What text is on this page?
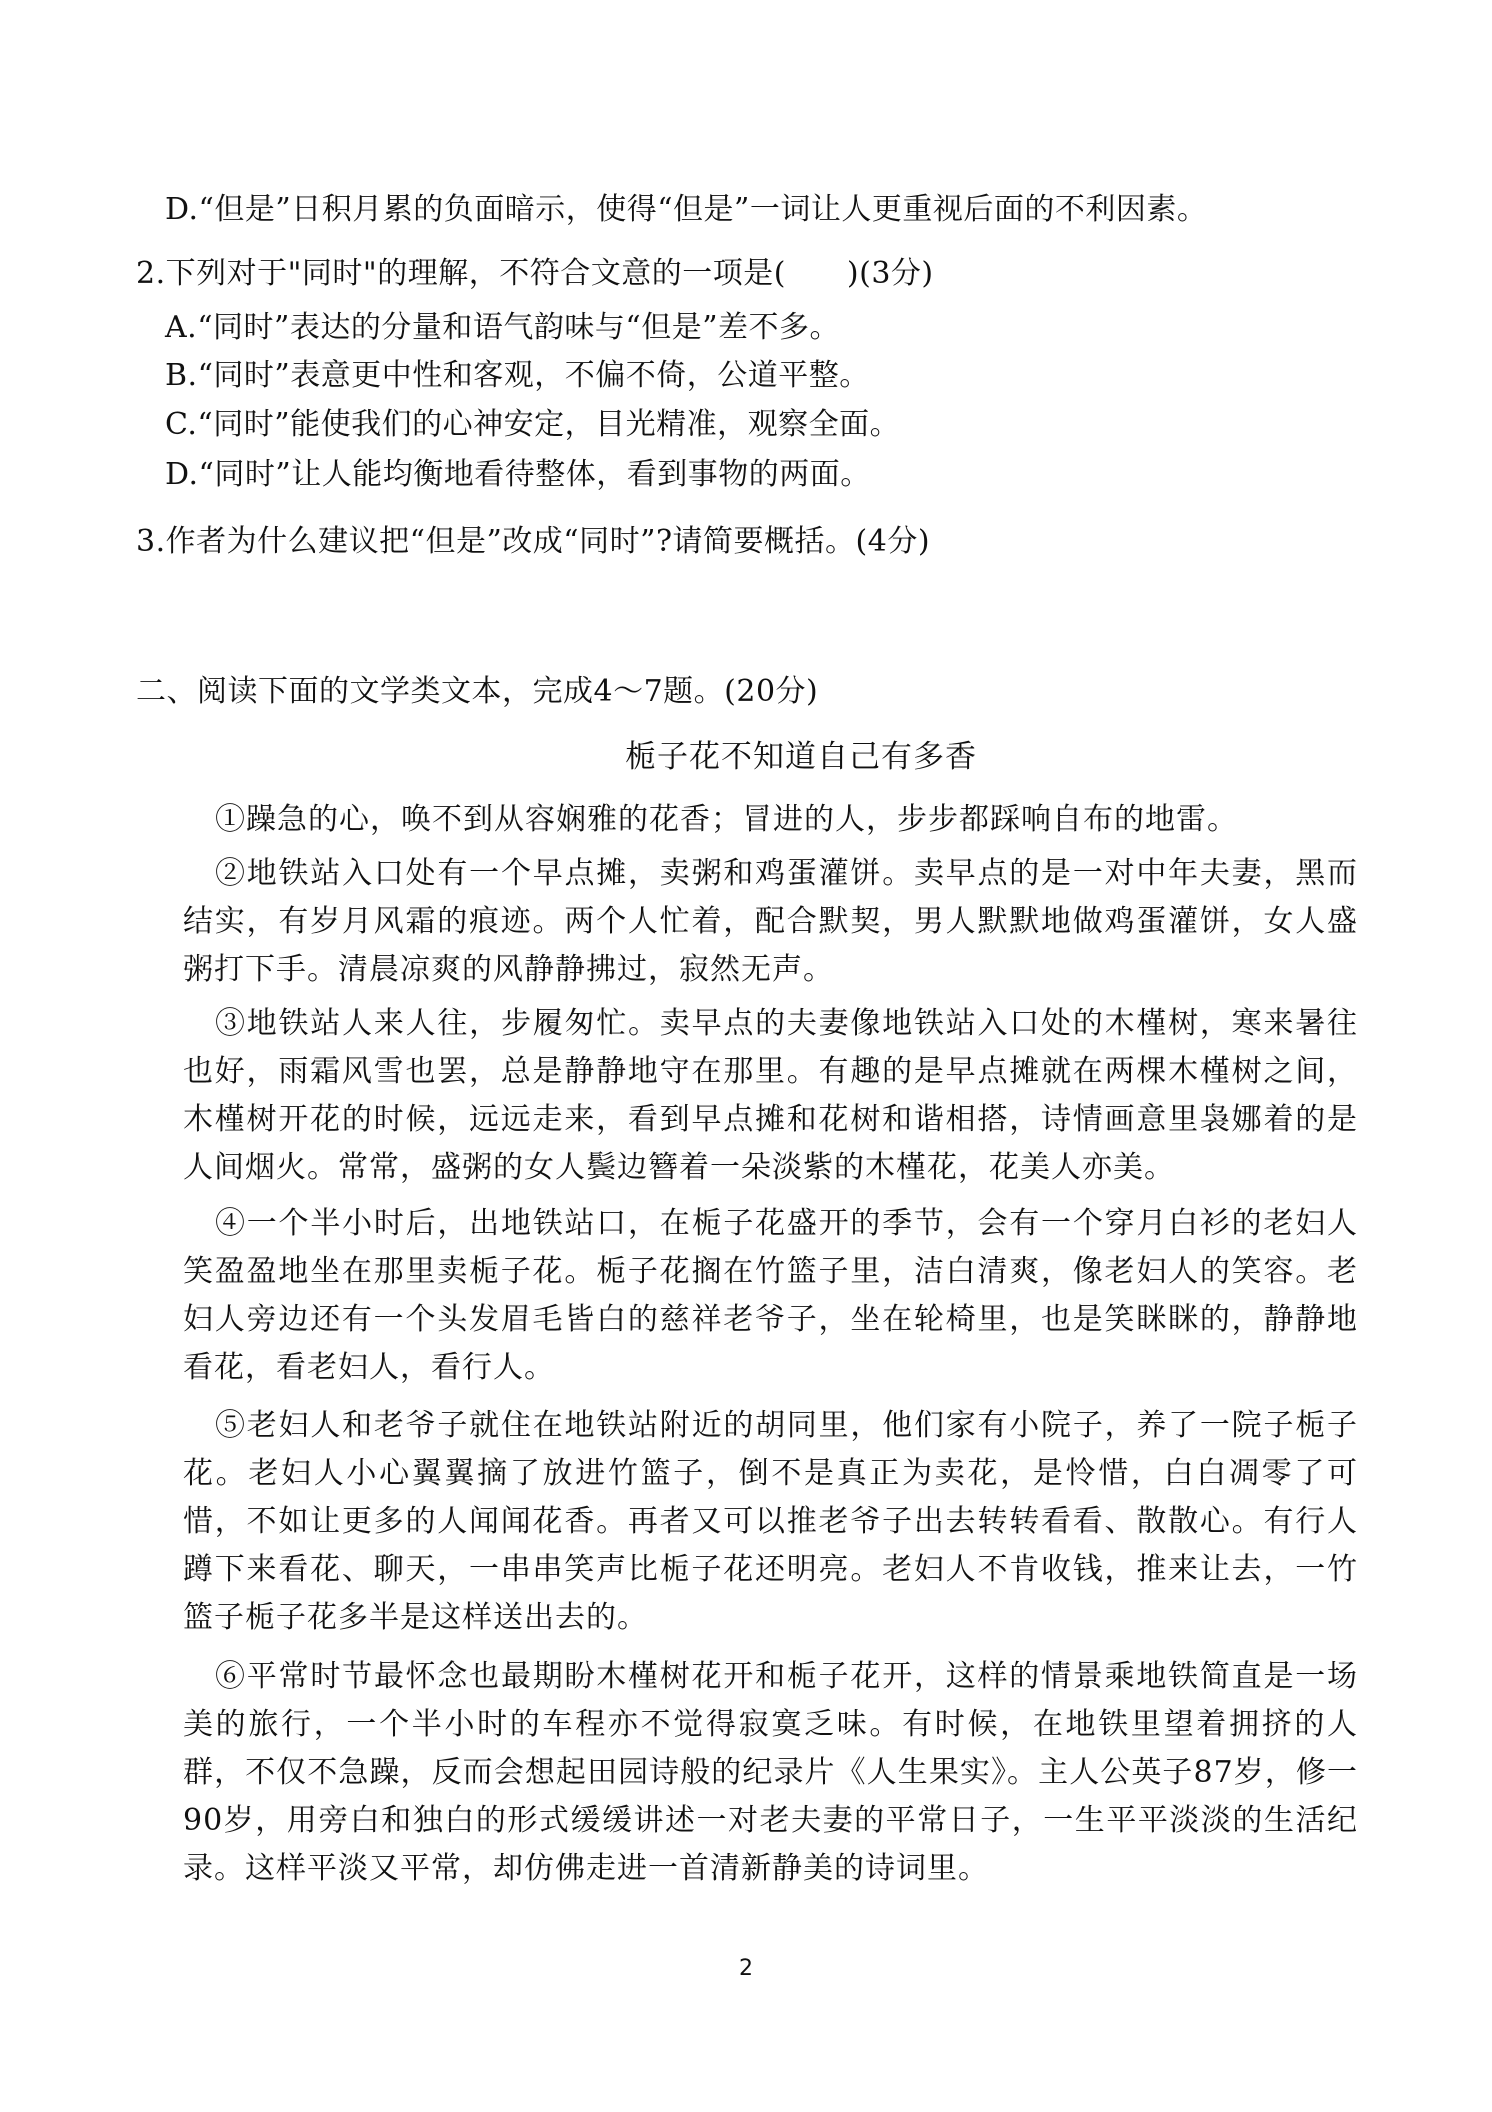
D.“但是”日积月累的负面暗示，使得“但是”一词让人更重视后面的不利因素。
2.下列对于"同时"的理解，不符合文意的一项是(　　)(3分)
A.“同时”表达的分量和语气韵味与“但是”差不多。
B.“同时”表意更中性和客观，不偏不倚，公道平整。
C.“同时”能使我们的心神安定，目光精准，观察全面。
D.“同时”让人能均衡地看待整体，看到事物的两面。
3.作者为什么建议把“但是”改成“同时”?请简要概括。(4分)
二、阅读下面的文学类文本，完成4～7题。(20分)
栀子花不知道自己有多香
①躁急的心，唤不到从容娴雅的花香；冒进的人，步步都踩响自布的地雷。
②地铁站入口处有一个早点摊，卖粥和鸡蛋灌饼。卖早点的是一对中年夫妻，黑而结实，有岁月风霜的痕迹。两个人忙着，配合默契，男人默默地做鸡蛋灌饼，女人盛粥打下手。清晨凉爽的风静静拂过，寂然无声。
③地铁站人来人往，步履匆忙。卖早点的夫妻像地铁站入口处的木槿树，寒来暑往也好，雨霜风雪也罢，总是静静地守在那里。有趣的是早点摊就在两棵木槿树之间，木槿树开花的时候，远远走来，看到早点摊和花树和谐相搭，诗情画意里袅娜着的是人间烟火。常常，盛粥的女人鬓边簪着一朵淡紫的木槿花，花美人亦美。
④一个半小时后，出地铁站口，在栀子花盛开的季节，会有一个穿月白衫的老妇人笑盈盈地坐在那里卖栀子花。栀子花搁在竹篮子里，洁白清爽，像老妇人的笑容。老妇人旁边还有一个头发眉毛皆白的慈祥老爷子，坐在轮椅里，也是笑眯眯的，静静地看花，看老妇人，看行人。
⑤老妇人和老爷子就住在地铁站附近的胡同里，他们家有小院子，养了一院子栀子花。老妇人小心翼翼摘了放进竹篮子，倒不是真正为卖花，是怜惜，白白凋零了可惜，不如让更多的人闻闻花香。再者又可以推老爷子出去转转看看、散散心。有行人蹲下来看花、聊天，一串串笑声比栀子花还明亮。老妇人不肯收钱，推来让去，一竹篮子栀子花多半是这样送出去的。
⑥平常时节最怀念也最期盼木槿树花开和栀子花开，这样的情景乘地铁简直是一场美的旅行，一个半小时的车程亦不觉得寂寞乏味。有时候，在地铁里望着拥挤的人群，不仅不急躁，反而会想起田园诗般的纪录片《人生果实》。主人公英子87岁，修一90岁，用旁白和独白的形式缓缓讲述一对老夫妻的平常日子，一生平平淡淡的生活纪录。这样平淡又平常，却仿佛走进一首清新静美的诗词里。
2
